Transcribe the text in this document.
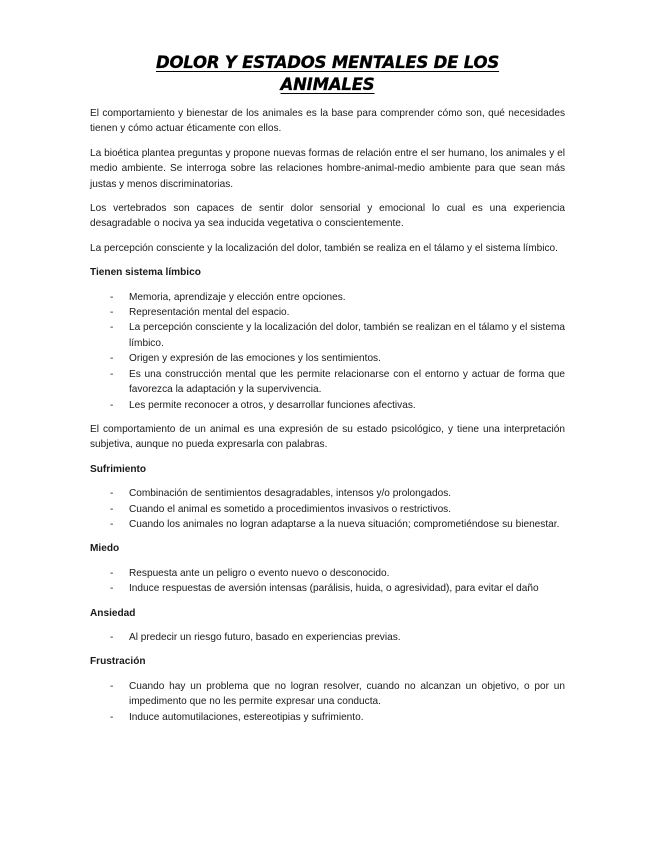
DOLOR Y ESTADOS MENTALES DE LOS
ANIMALES

El comportamiento y bienestar de los animales es la base para comprender cómo son, qué necesidades tienen y cómo actuar éticamente con ellos.

La bioética plantea preguntas y propone nuevas formas de relación entre el ser humano, los animales y el medio ambiente. Se interroga sobre las relaciones hombre-animal-medio ambiente para que sean más justas y menos discriminatorias.

Los vertebrados son capaces de sentir dolor sensorial y emocional lo cual es una experiencia desagradable o nociva ya sea inducida vegetativa o conscientemente.

La percepción consciente y la localización del dolor, también se realiza en el tálamo y el sistema límbico.

Tienen sistema límbico
- Memoria, aprendizaje y elección entre opciones.
- Representación mental del espacio.
- La percepción consciente y la localización del dolor, también se realizan en el tálamo y el sistema límbico.
- Origen y expresión de las emociones y los sentimientos.
- Es una construcción mental que les permite relacionarse con el entorno y actuar de forma que favorezca la adaptación y la supervivencia.
- Les permite reconocer a otros, y desarrollar funciones afectivas.

El comportamiento de un animal es una expresión de su estado psicológico, y tiene una interpretación subjetiva, aunque no pueda expresarla con palabras.

Sufrimiento
- Combinación de sentimientos desagradables, intensos y/o prolongados.
- Cuando el animal es sometido a procedimientos invasivos o restrictivos.
- Cuando los animales no logran adaptarse a la nueva situación; comprometiéndose su bienestar.
Miedo
- Respuesta ante un peligro o evento nuevo o desconocido.
- Induce respuestas de aversión intensas (parálisis, huida, o agresividad), para evitar el daño
Ansiedad
- Al predecir un riesgo futuro, basado en experiencias previas.
Frustración
- Cuando hay un problema que no logran resolver, cuando no alcanzan un objetivo, o por un impedimento que no les permite expresar una conducta.
- Induce automutilaciones, estereotipias y sufrimiento.
